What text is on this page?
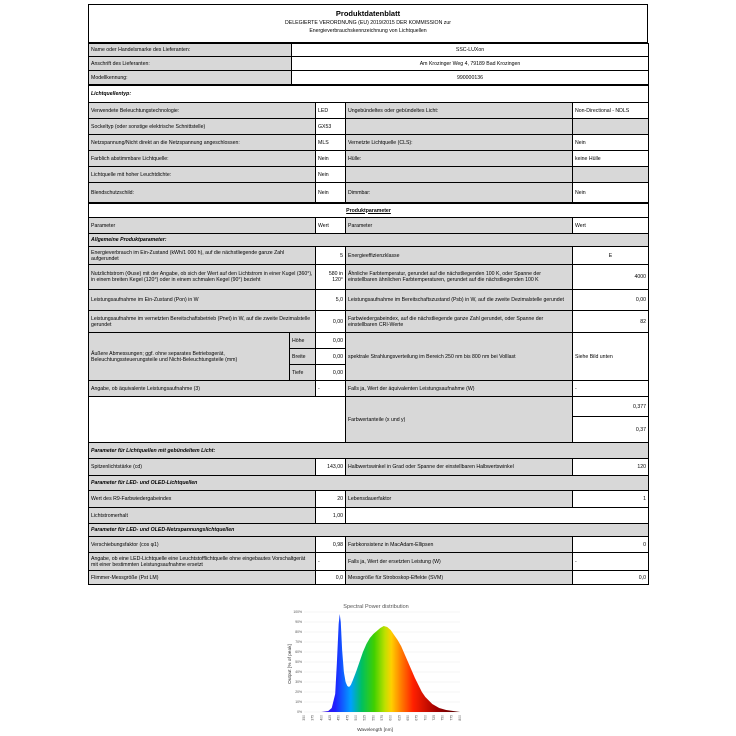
Produktdatenblatt
DELEGIERTE VERORDNUNG (EU) 2019/2015 DER KOMMISSION zur
Energieverbrauchskennzeichnung von Lichtquellen
Name oder Handelsmarke des Lieferanten:	SSC-LUXon
Anschrift des Lieferanten:	Am Krozinger Weg 4, 79189 Bad Krozingen
Modellkennung:	990000136
Lichtquellentyp:			
Verwendete Beleuchtungstechnologie:	LED	Ungebündeltes oder gebündeltes Licht:	Non-Directional - NDLS
Sockeltyp (oder sonstige elektrische Schnittstelle)	GX53		
Netzspannung/Nicht direkt an die Netzspannung angeschlossen:	MLS	Vernetzte Lichtquelle (CLS):	Nein
Farblich abstimmbare Lichtquelle:	Nein	Hülle:	keine Hülle
Lichtquelle mit hoher Leuchtdichte:	Nein		
Blendschutzschild:	Nein	Dimmbar:	Nein
Produktparameter				
Parameter		Wert	Parameter	Wert
Allgemeine Produktparameter:				
Energieverbrauch im Ein-Zustand (kWh/1 000 h), auf die nächstliegende ganze Zahl aufgerundet		5	Energieeffizienzklasse	E
Nutzlichtstrom (Φuse) mit der Angabe, ob sich der Wert auf den Lichtstrom in einer Kugel (360°), in einem breiten Kegel (120°) oder in einem schmalen Kegel (90°) bezieht		580 in 120°	Ähnliche Farbtemperatur, gerundet auf die nächstliegenden 100 K, oder Spanne der einstellbaren ähnlichen Farbtemperaturen, gerundet auf die nächstliegenden 100 K	4000
Leistungsaufnahme im Ein-Zustand (Pon) in W		5,0	Leistungsaufnahme im Bereitschaftszustand (Psb) in W, auf die zweite Dezimalstelle gerundet	0,00
Leistungsaufnahme im vernetzten Bereitschaftsbetrieb (Pnet) in W, auf die zweite Dezimalstelle gerundet		0,00	Farbwiedergabeindex, auf die nächstliegende ganze Zahl gerundet, oder Spanne der einstellbaren CRI-Werte	82
Äußere Abmessungen; ggf. ohne separates Betriebsgerät, Beleuchtungssteuerungsteile und Nicht-Beleuchtungsteile (mm)	Höhe	0,00	spektrale Strahlungsverteilung im Bereich 250 nm bis 800 nm bei Volllast	Siehe Bild unten
	Breite	0,00		
	Tiefe	0,00		
Angabe, ob äquivalente Leistungsaufnahme (3)		-	Falls ja, Wert der äquivalenten Leistungsaufnahme (W)	-
			Farbwertanteile (x und y)	0,377
				0,37
Parameter für Lichtquellen mit gebündeltem Licht:				
Spitzenlichtstärke (cd)		143,00	Halbwertswinkel in Grad oder Spanne der einstellbaren Halbwertswinkel	120
Parameter für LED- und OLED-Lichtquellen				
Wert des R9-Farbwiedergabeindex		20	Lebensdauerfaktor	1
Lichtstromerhalt		1,00		
Parameter für LED- und OLED-Netzspannungslichtquellen				
Verschiebungsfaktor (cos φ1)		0,98	Farbkonsistenz in MacAdam-Ellipsen	0
Angabe, ob eine LED-Lichtquelle eine Leuchtstofflichtquelle ohne eingebautes Vorschaltgerät mit einer bestimmten Leistungsaufnahme ersetzt		-	Falls ja, Wert der ersetzten Leistung (W)	-
Flimmer-Messgröße (Pst LM)		0,0	Messgröße für Stroboskop-Effekte (SVM)	0,0
Spectral Power distribution
0%
10%
20%
30%
40%
50%
60%
70%
80%
90%
100%
350 375 400 425 450 475 500 525 550 575 600 625 650 675 700 725 750 775 800
Wavelength [nm]
Output [% of peak]
